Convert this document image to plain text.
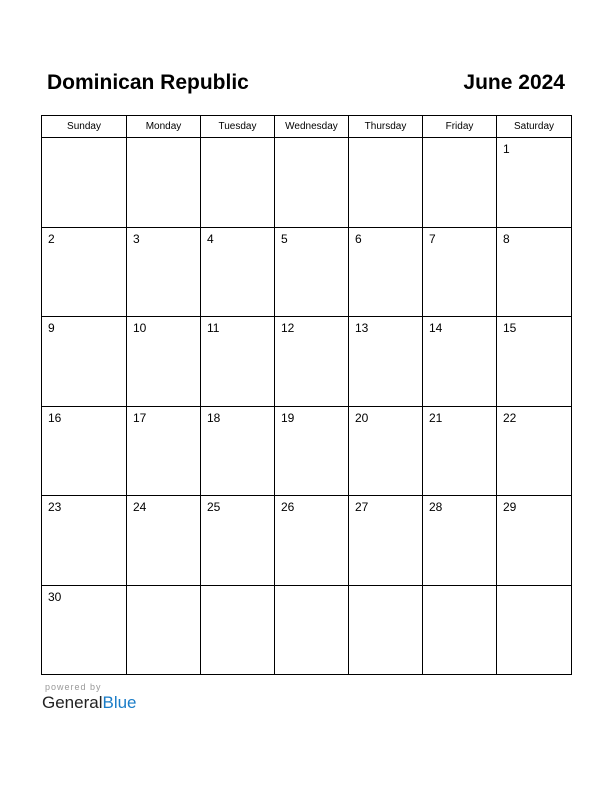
Dominican Republic	June 2024
Sunday	Monday	Tuesday	Wednesday	Thursday	Friday	Saturday

						1

2	3	4	5	6	7	8

9	10	11	12	13	14	15

16	17	18	19	20	21	22

23	24	25	26	27	28	29

30						

powered by
GeneralBlue
